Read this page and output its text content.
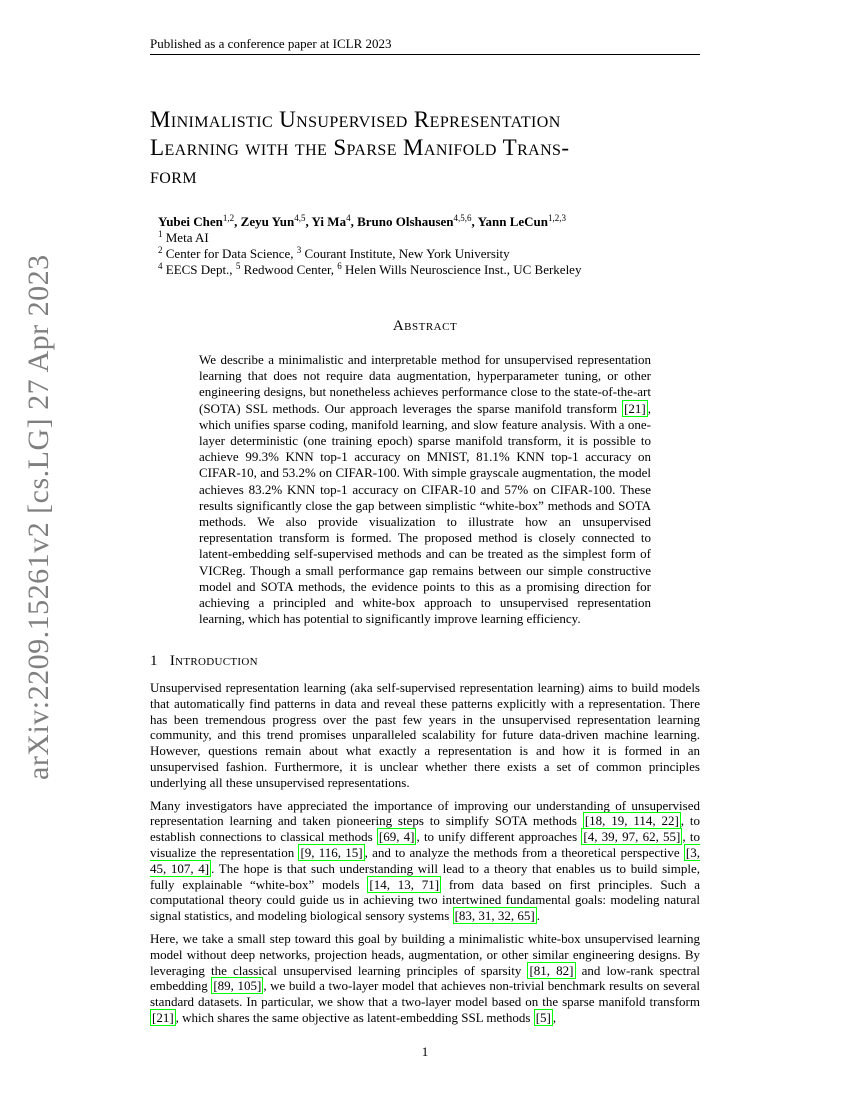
Published as a conference paper at ICLR 2023
arXiv:2209.15261v2 [cs.LG] 27 Apr 2023
Minimalistic Unsupervised Representation
Learning with the Sparse Manifold Trans-
form
Yubei Chen$^{1,2}$, Zeyu Yun$^{4,5}$, Yi Ma$^4$, Bruno Olshausen$^{4,5,6}$, Yann LeCun$^{1,2,3}$
$^1$ Meta AI
$^2$ Center for Data Science, $^3$ Courant Institute, New York University
$^4$ EECS Dept., $^5$ Redwood Center, $^6$ Helen Wills Neuroscience Inst., UC Berkeley
Abstract
We describe a minimalistic and interpretable method for unsupervised representation learning that does not require data augmentation, hyperparameter tuning, or other engineering designs, but nonetheless achieves performance close to the state-of-the-art (SOTA) SSL methods. Our approach leverages the sparse manifold transform [21] , which unifies sparse coding, manifold learning, and slow feature analysis. With a one-layer deterministic (one training epoch) sparse manifold transform, it is possible to achieve 99.3% KNN top-1 accuracy on MNIST, 81.1% KNN top-1 accuracy on CIFAR-10, and 53.2% on CIFAR-100. With simple grayscale augmentation, the model achieves 83.2% KNN top-1 accuracy on CIFAR-10 and 57% on CIFAR-100. These results significantly close the gap between simplistic “white-box” methods and SOTA methods. We also provide visualization to illustrate how an unsupervised representation transform is formed. The proposed method is closely connected to latent-embedding self-supervised methods and can be treated as the simplest form of VICReg. Though a small performance gap remains between our simple constructive model and SOTA methods, the evidence points to this as a promising direction for achieving a principled and white-box approach to unsupervised representation learning, which has potential to significantly improve learning efficiency.
1 Introduction

Unsupervised representation learning (aka self-supervised representation learning) aims to build models that automatically find patterns in data and reveal these patterns explicitly with a representation. There has been tremendous progress over the past few years in the unsupervised representation learning community, and this trend promises unparalleled scalability for future data-driven machine learning. However, questions remain about what exactly a representation is and how it is formed in an unsupervised fashion. Furthermore, it is unclear whether there exists a set of common principles underlying all these unsupervised representations.

Many investigators have appreciated the importance of improving our understanding of unsupervised representation learning and taken pioneering steps to simplify SOTA methods [18, 19, 114, 22] , to establish connections to classical methods [69, 4] , to unify different approaches [4, 39, 97, 62, 55] , to visualize the representation [9, 116, 15] , and to analyze the methods from a theoretical perspective [3, 45, 107, 4] . The hope is that such understanding will lead to a theory that enables us to build simple, fully explainable “white-box” models [14, 13, 71] from data based on first principles. Such a computational theory could guide us in achieving two intertwined fundamental goals: modeling natural signal statistics, and modeling biological sensory systems [83, 31, 32, 65] .

Here, we take a small step toward this goal by building a minimalistic white-box unsupervised learning model without deep networks, projection heads, augmentation, or other similar engineering designs. By leveraging the classical unsupervised learning principles of sparsity [81, 82] and low-rank spectral embedding [89, 105] , we build a two-layer model that achieves non-trivial benchmark results on several standard datasets. In particular, we show that a two-layer model based on the sparse manifold transform [21] , which shares the same objective as latent-embedding SSL methods [5] ,

1
